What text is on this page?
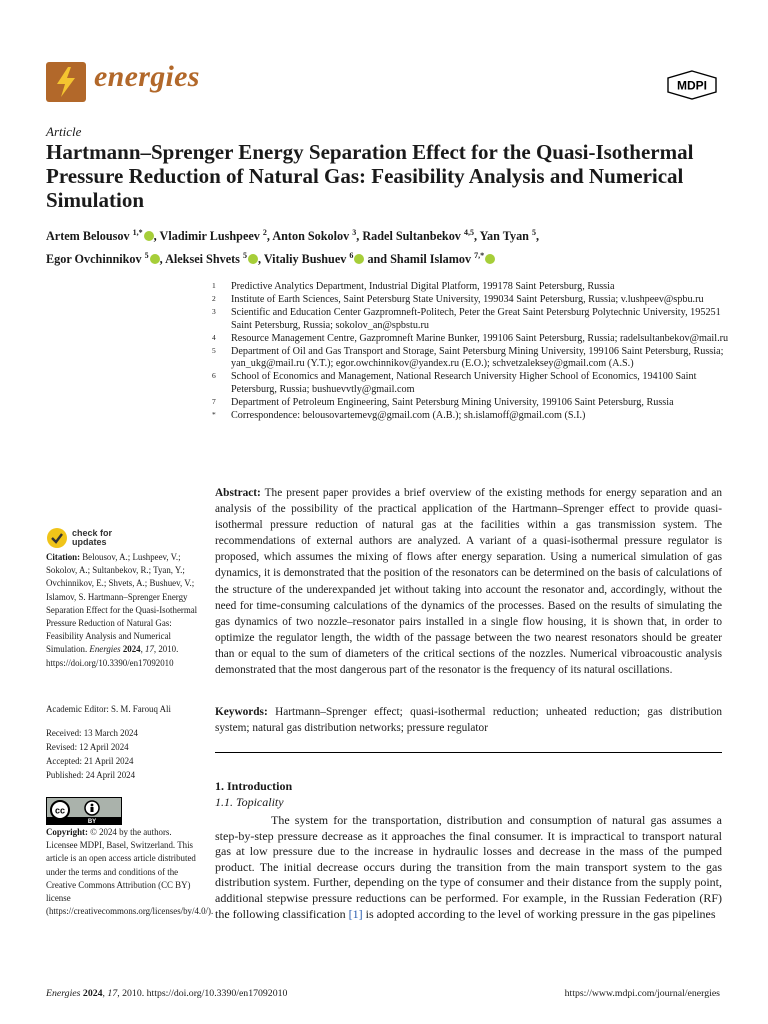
energies	MDPI
Article
Hartmann–Sprenger Energy Separation Effect for the Quasi-Isothermal Pressure Reduction of Natural Gas: Feasibility Analysis and Numerical Simulation
Artem Belousov $^{1,*}$ , Vladimir Lushpeev $^2$, Anton Sokolov $^3$, Radel Sultanbekov $^{4,5}$, Yan Tyan $^5$,
Egor Ovchinnikov $^5$ , Aleksei Shvets $^5$ , Vitaliy Bushuev $^6$ and Shamil Islamov $^{7,*}$
1	Predictive Analytics Department, Industrial Digital Platform, 199178 Saint Petersburg, Russia
2	Institute of Earth Sciences, Saint Petersburg State University, 199034 Saint Petersburg, Russia; v.lushpeev@spbu.ru
3	Scientific and Education Center Gazpromneft-Politech, Peter the Great Saint Petersburg Polytechnic University, 195251 Saint Petersburg, Russia; sokolov_an@spbstu.ru
4	Resource Management Centre, Gazpromneft Marine Bunker, 199106 Saint Petersburg, Russia; radelsultanbekov@mail.ru
5	Department of Oil and Gas Transport and Storage, Saint Petersburg Mining University, 199106 Saint Petersburg, Russia; yan_ukg@mail.ru (Y.T.); egor.owchinnikov@yandex.ru (E.O.); schvetzaleksey@gmail.com (A.S.)
6	School of Economics and Management, National Research University Higher School of Economics, 194100 Saint Petersburg, Russia; bushuevvtly@gmail.com
7	Department of Petroleum Engineering, Saint Petersburg Mining University, 199106 Saint Petersburg, Russia
*	Correspondence: belousovartemevg@gmail.com (A.B.); sh.islamoff@gmail.com (S.I.)
Abstract: The present paper provides a brief overview of the existing methods for energy separation and an analysis of the possibility of the practical application of the Hartmann–Sprenger effect to provide quasi-isothermal pressure reduction of natural gas at the facilities within a gas transmission system. The recommendations of external authors are analyzed. A variant of a quasi-isothermal pressure regulator is proposed, which assumes the mixing of flows after energy separation. Using a numerical simulation of gas dynamics, it is demonstrated that the position of the resonators can be determined on the basis of calculations of the structure of the underexpanded jet without taking into account the resonator and, accordingly, without the need for time-consuming calculations of the dynamics of the processes. Based on the results of simulating the gas dynamics of two nozzle–resonator pairs installed in a single flow housing, it is shown that, in order to optimize the regulator length, the width of the passage between the two nearest resonators should be greater than or equal to the sum of diameters of the critical sections of the nozzles. Numerical vibroacoustic analysis demonstrated that the most dangerous part of the resonator is the frequency of its natural oscillations.
Keywords: Hartmann–Sprenger effect; quasi-isothermal reduction; unheated reduction; gas distribution system; natural gas distribution networks; pressure regulator
check for
updates
Citation: Belousov, A.; Lushpeev, V.; Sokolov, A.; Sultanbekov, R.; Tyan, Y.; Ovchinnikov, E.; Shvets, A.; Bushuev, V.; Islamov, S. Hartmann–Sprenger Energy Separation Effect for the Quasi-Isothermal Pressure Reduction of Natural Gas: Feasibility Analysis and Numerical Simulation. Energies 2024, 17, 2010. https://doi.org/10.3390/en17092010
Academic Editor: S. M. Farouq Ali
Received: 13 March 2024
Revised: 12 April 2024
Accepted: 21 April 2024
Published: 24 April 2024
cc
BY
Copyright: © 2024 by the authors. Licensee MDPI, Basel, Switzerland. This article is an open access article distributed under the terms and conditions of the Creative Commons Attribution (CC BY) license (https://creativecommons.org/licenses/by/4.0/).
1. Introduction
1.1. Topicality
The system for the transportation, distribution and consumption of natural gas assumes a step-by-step pressure decrease as it approaches the final consumer. It is impractical to transport natural gas at low pressure due to the increase in hydraulic losses and decrease in the mass of the pumped product. The initial decrease occurs during the transition from the main transport system to the gas distribution system. Further, depending on the type of consumer and their distance from the supply point, additional stepwise pressure reductions can be performed. For example, in the Russian Federation (RF) the following classification [1] is adopted according to the level of working pressure in the gas pipelines
Energies 2024, 17, 2010. https://doi.org/10.3390/en17092010	https://www.mdpi.com/journal/energies
